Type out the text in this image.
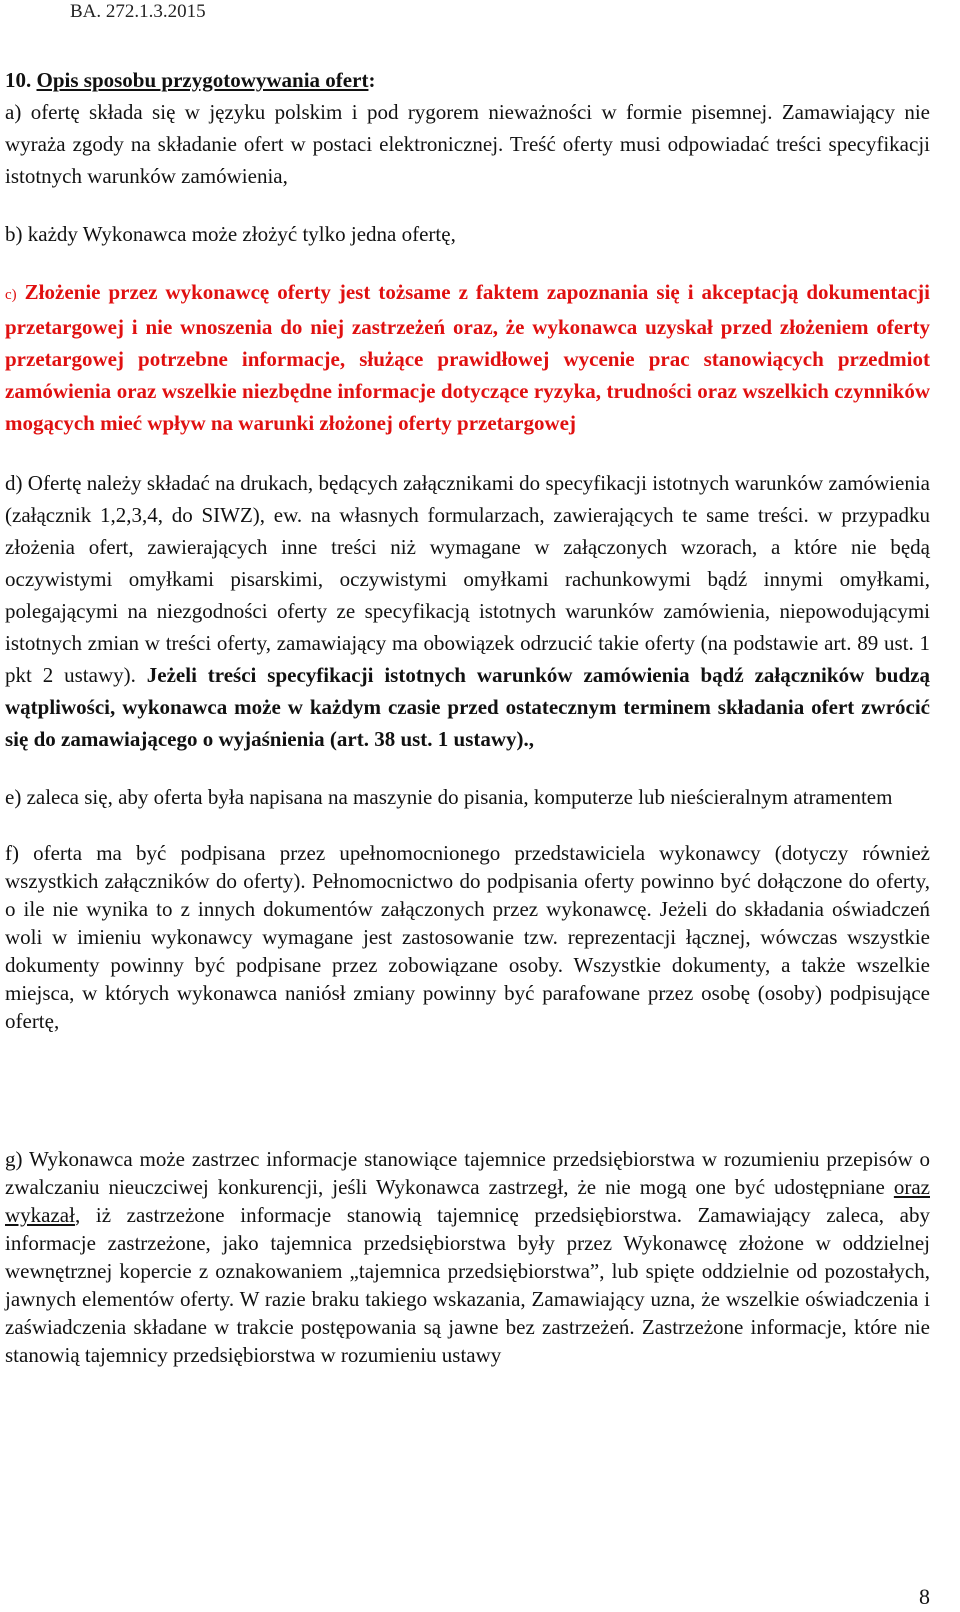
BA. 272.1.3.2015

10. Opis sposobu przygotowywania ofert:

a) ofertę składa się w języku polskim i pod rygorem nieważności w formie pisemnej. Zamawiający nie wyraża zgody na składanie ofert w postaci elektronicznej. Treść oferty musi odpowiadać treści specyfikacji istotnych warunków zamówienia,

b) każdy Wykonawca może złożyć tylko jedna ofertę,

c) Złożenie przez wykonawcę oferty jest tożsame z faktem zapoznania się i akceptacją dokumentacji przetargowej i nie wnoszenia do niej zastrzeżeń oraz, że wykonawca uzyskał przed złożeniem oferty przetargowej potrzebne informacje, służące prawidłowej wycenie prac stanowiących przedmiot zamówienia oraz wszelkie niezbędne informacje dotyczące ryzyka, trudności oraz wszelkich czynników mogących mieć wpływ na warunki złożonej oferty przetargowej

d) Ofertę należy składać na drukach, będących załącznikami do specyfikacji istotnych warunków zamówienia (załącznik 1,2,3,4, do SIWZ), ew. na własnych formularzach, zawierających te same treści. w przypadku złożenia ofert, zawierających inne treści niż wymagane w załączonych wzorach, a które nie będą oczywistymi omyłkami pisarskimi, oczywistymi omyłkami rachunkowymi bądź innymi omyłkami, polegającymi na niezgodności oferty ze specyfikacją istotnych warunków zamówienia, niepowodującymi istotnych zmian w treści oferty, zamawiający ma obowiązek odrzucić takie oferty (na podstawie art. 89 ust. 1 pkt 2 ustawy). Jeżeli treści specyfikacji istotnych warunków zamówienia bądź załączników budzą wątpliwości, wykonawca może w każdym czasie przed ostatecznym terminem składania ofert zwrócić się do zamawiającego o wyjaśnienia (art. 38 ust. 1 ustawy).,

e) zaleca się, aby oferta była napisana na maszynie do pisania, komputerze lub nieścieralnym atramentem

f) oferta ma być podpisana przez upełnomocnionego przedstawiciela wykonawcy (dotyczy również wszystkich załączników do oferty). Pełnomocnictwo do podpisania oferty powinno być dołączone do oferty, o ile nie wynika to z innych dokumentów załączonych przez wykonawcę. Jeżeli do składania oświadczeń woli w imieniu wykonawcy wymagane jest zastosowanie tzw. reprezentacji łącznej, wówczas wszystkie dokumenty powinny być podpisane przez zobowiązane osoby. Wszystkie dokumenty, a także wszelkie miejsca, w których wykonawca naniósł zmiany powinny być parafowane przez osobę (osoby) podpisujące ofertę,

g) Wykonawca może zastrzec informacje stanowiące tajemnice przedsiębiorstwa w rozumieniu przepisów o zwalczaniu nieuczciwej konkurencji, jeśli Wykonawca zastrzegł, że nie mogą one być udostępniane oraz wykazał, iż zastrzeżone informacje stanowią tajemnicę przedsiębiorstwa. Zamawiający zaleca, aby informacje zastrzeżone, jako tajemnica przedsiębiorstwa były przez Wykonawcę złożone w oddzielnej wewnętrznej kopercie z oznakowaniem „tajemnica przedsiębiorstwa”, lub spięte oddzielnie od pozostałych, jawnych elementów oferty. W razie braku takiego wskazania, Zamawiający uzna, że wszelkie oświadczenia i zaświadczenia składane w trakcie postępowania są jawne bez zastrzeżeń. Zastrzeżone informacje, które nie stanowią tajemnicy przedsiębiorstwa w rozumieniu ustawy

8
